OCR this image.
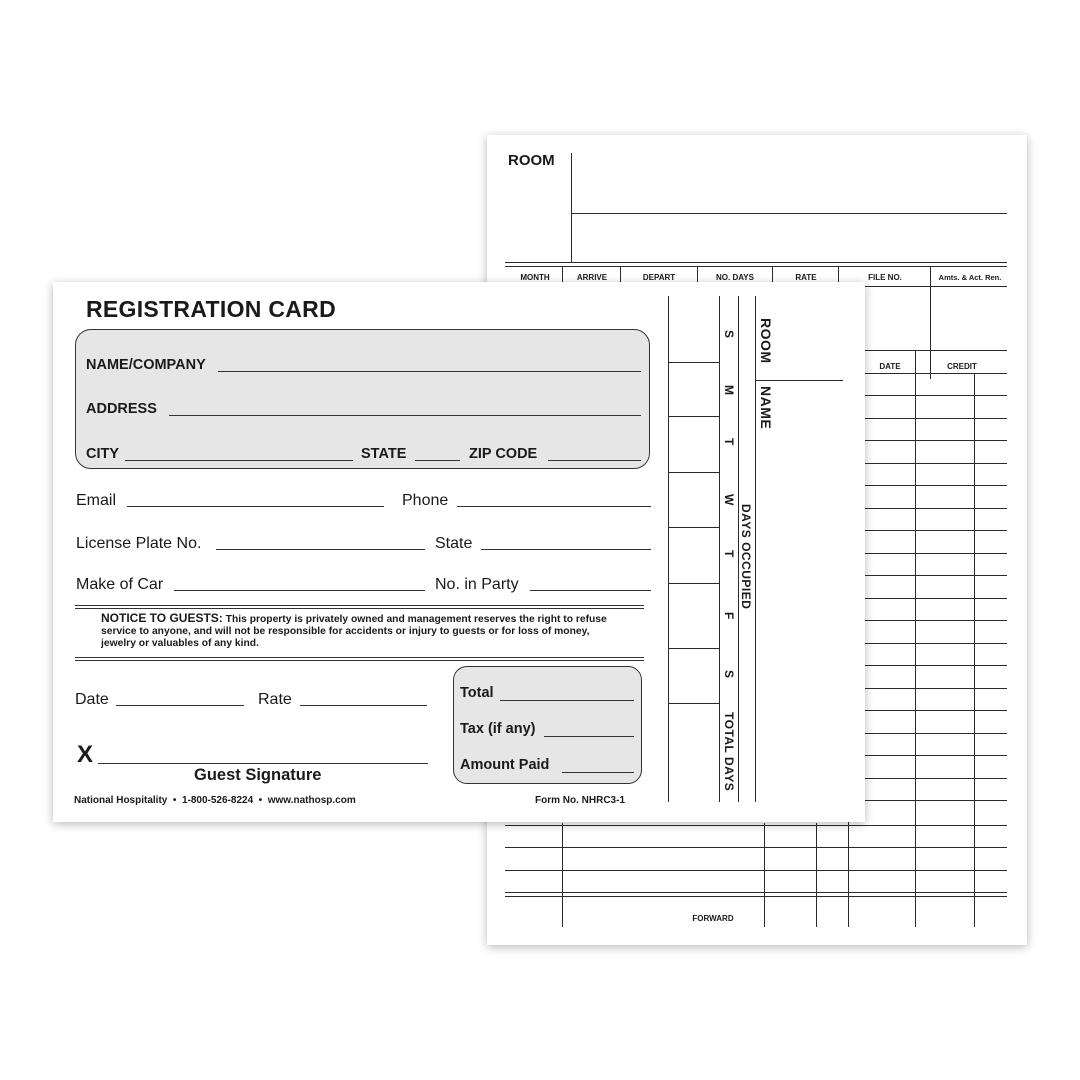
ROOM
MONTH	ARRIVE	DEPART	NO. DAYS	RATE	FILE NO.	Amts. & Act. Ren.
DATE	CREDIT
FORWARD
REGISTRATION CARD
NAME/COMPANY
ADDRESS
CITY	STATE	ZIP CODE
Email	Phone
License Plate No.	State
Make of Car	No. in Party
NOTICE TO GUESTS: This property is privately owned and management reserves the right to refuse service to anyone, and will not be responsible for accidents or injury to guests or for loss of money, jewelry or valuables of any kind.
Date	Rate
X
Guest Signature
Total
Tax (if any)
Amount Paid
National Hospitality  •  1-800-526-8224  •  www.nathosp.com	Form No. NHRC3-1
S
M
T
W
T
F
S
DAYS OCCUPIED
TOTAL DAYS
ROOM
NAME
